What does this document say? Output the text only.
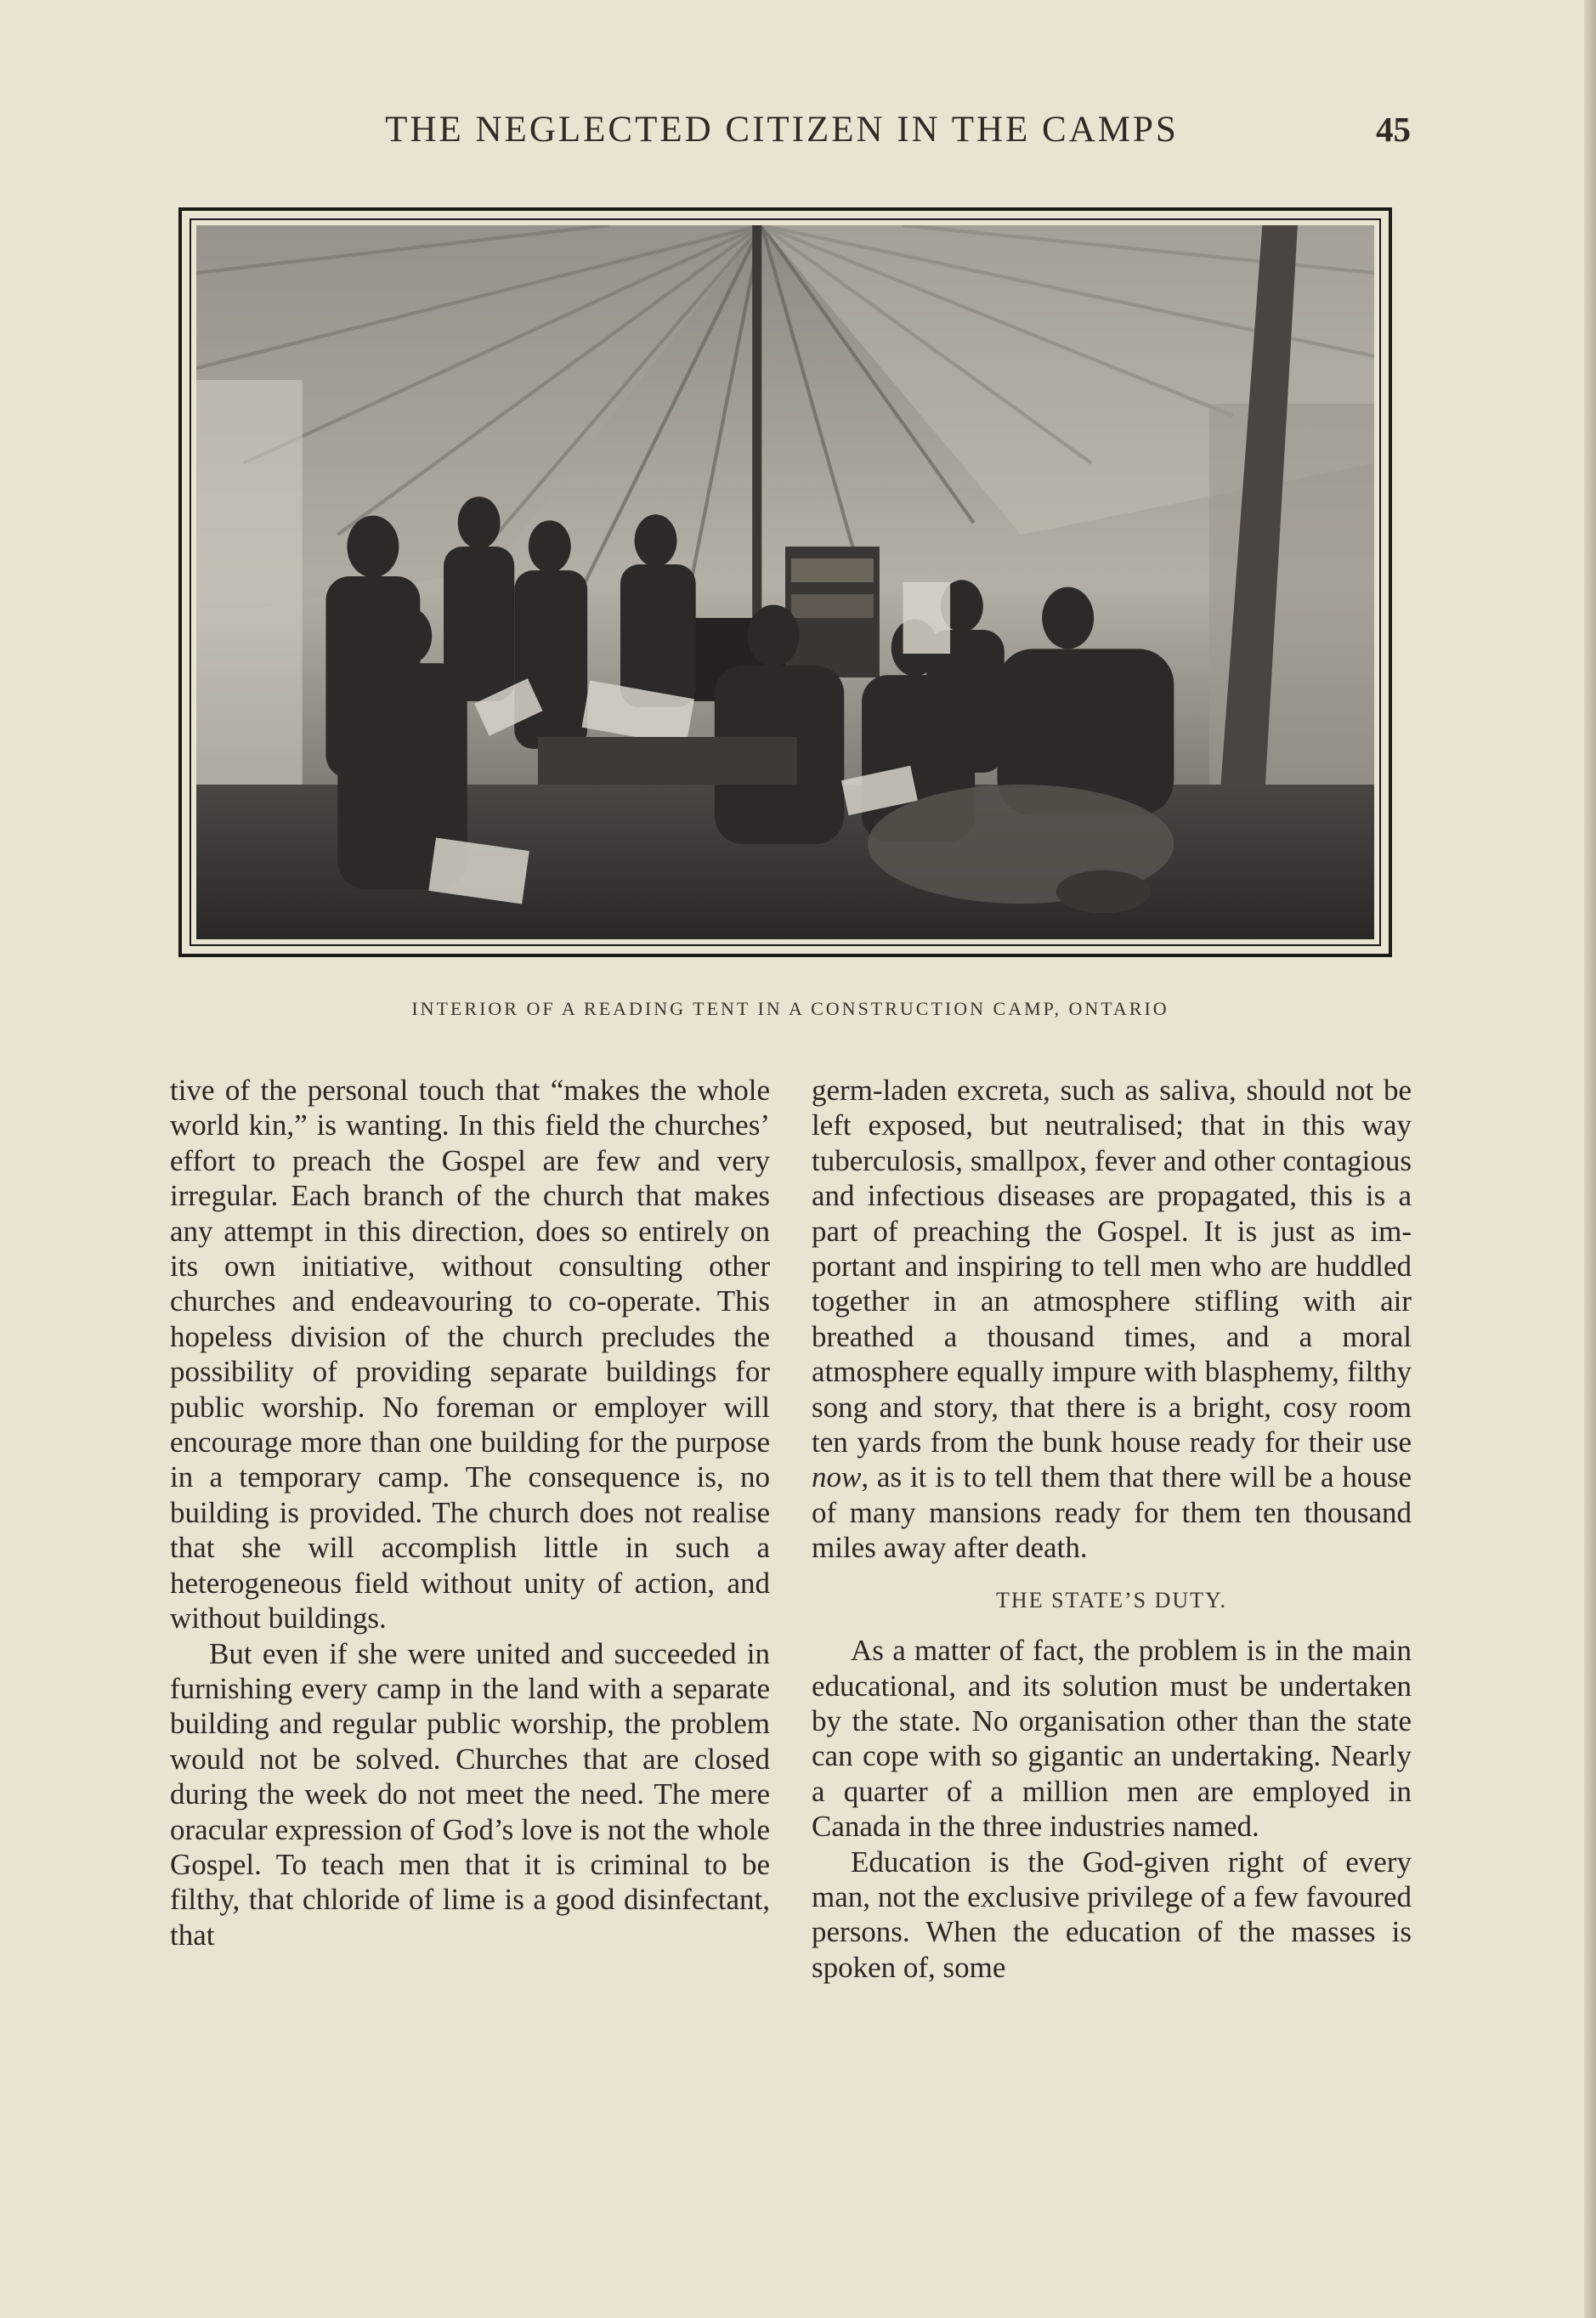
THE NEGLECTED CITIZEN IN THE CAMPS	45
INTERIOR OF A READING TENT IN A CONSTRUCTION CAMP, ONTARIO

tive of the personal touch that “makes the whole world kin,” is wanting. In this field the churches’ effort to preach the Gospel are few and very irregular. Each branch of the church that makes any attempt in this direction, does so entirely on its own initiative, without consulting other churches and endeavouring to co-operate. This hopeless division of the church precludes the possibility of providing separate buildings for public worship. No foreman or employer will encourage more than one building for the purpose in a temporary camp. The consequence is, no building is provided. The church does not realise that she will accomplish little in such a heterogeneous field without unity of action, and without buildings.

But even if she were united and succeeded in furnishing every camp in the land with a separate building and regular public worship, the problem would not be solved. Churches that are closed during the week do not meet the need. The mere oracular expression of God’s love is not the whole Gospel. To teach men that it is criminal to be filthy, that chloride of lime is a good disinfectant, that

germ-laden excreta, such as saliva, should not be left exposed, but neutralised; that in this way tuberculosis, smallpox, fever and other contagious and infectious diseases are propagated, this is a part of preaching the Gospel. It is just as important and inspiring to tell men who are huddled together in an atmosphere stifling with air breathed a thousand times, and a moral atmosphere equally impure with blasphemy, filthy song and story, that there is a bright, cosy room ten yards from the bunk house ready for their use now, as it is to tell them that there will be a house of many mansions ready for them ten thousand miles away after death.

THE STATE’S DUTY.

As a matter of fact, the problem is in the main educational, and its solution must be undertaken by the state. No organisation other than the state can cope with so gigantic an undertaking. Nearly a quarter of a million men are employed in Canada in the three industries named.

Education is the God-given right of every man, not the exclusive privilege of a few favoured persons. When the education of the masses is spoken of, some
